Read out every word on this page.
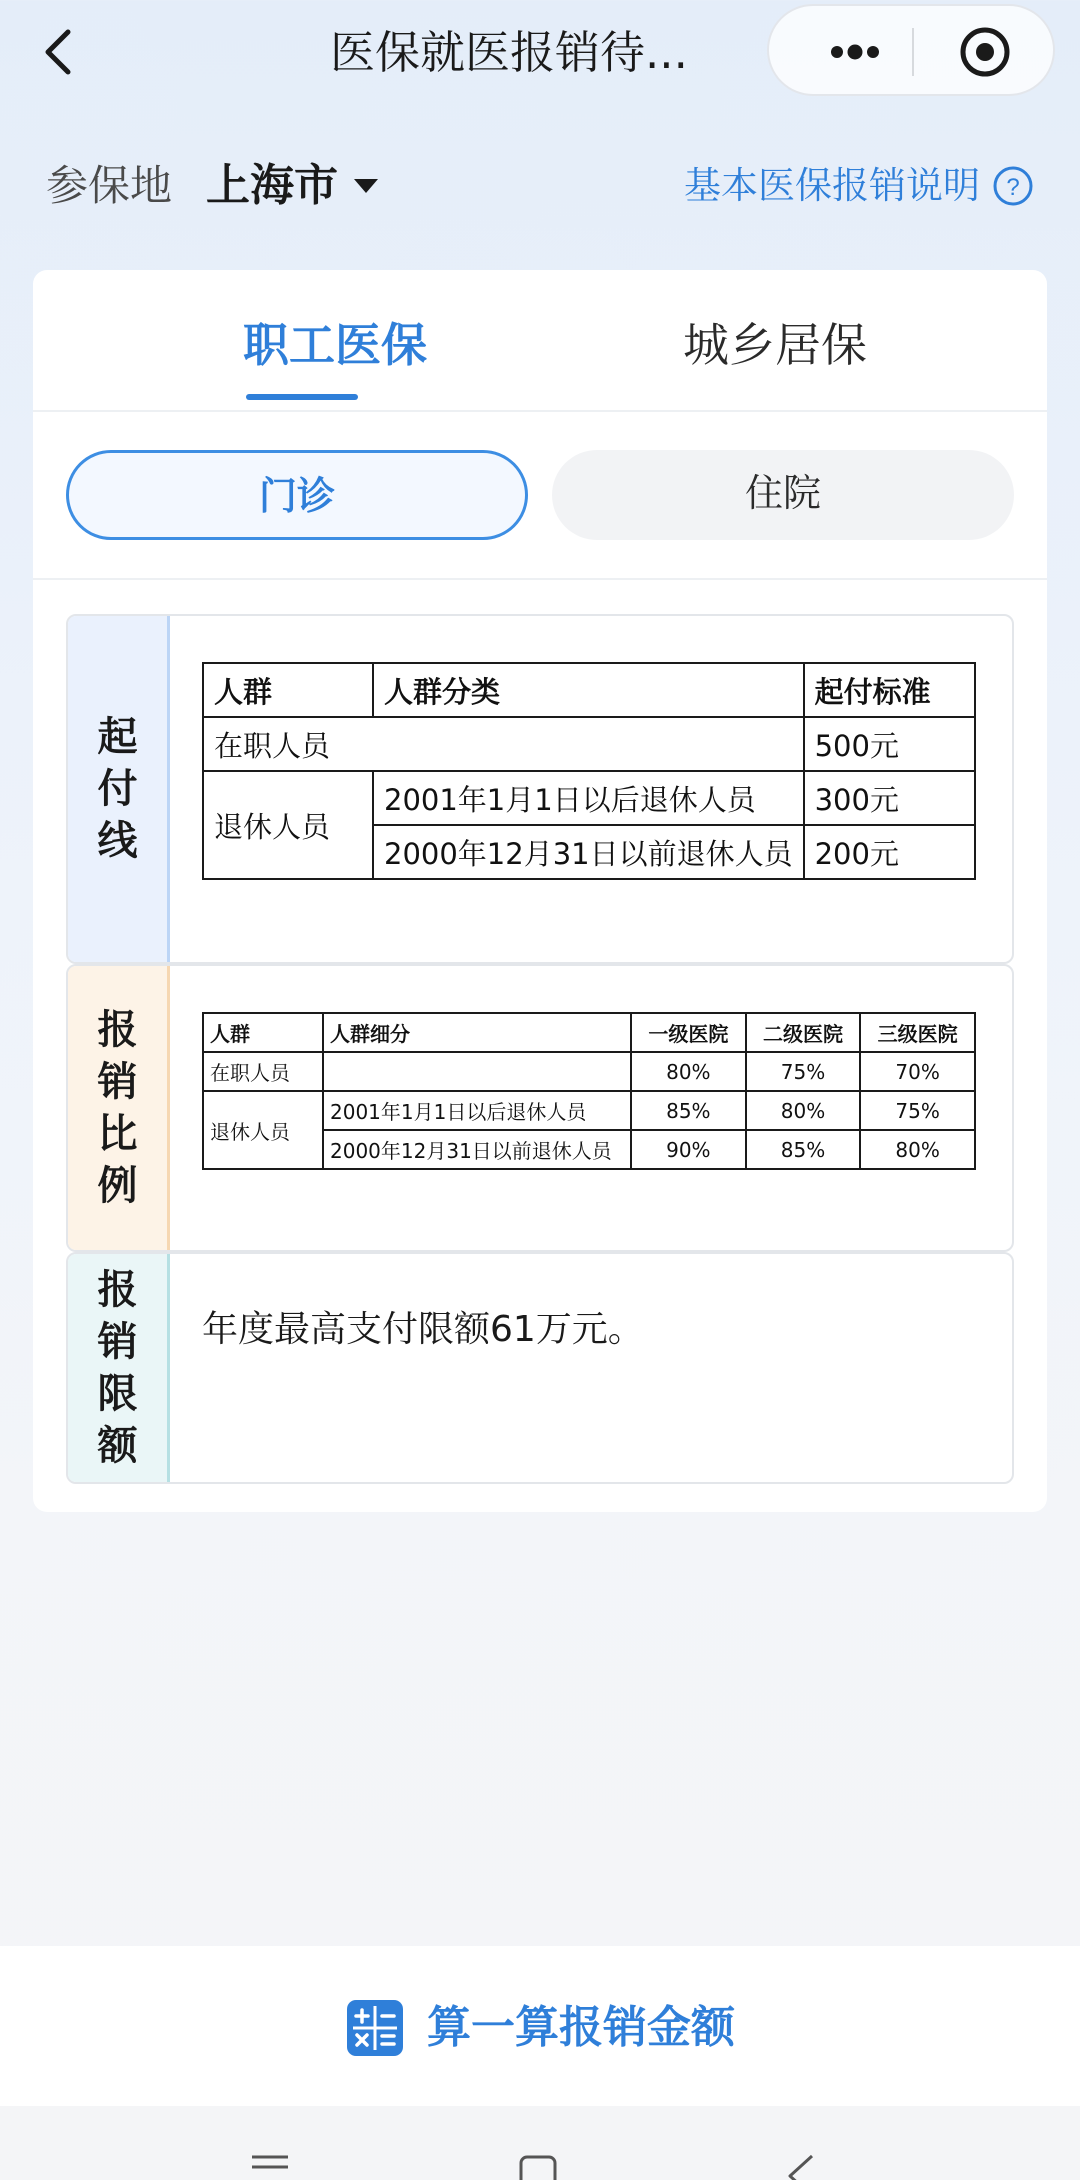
医保就医报销待...
参保地 上海市	基本医保报销说明 ?
职工医保	城乡居保
门诊	住院
起付线
人群	人群分类	起付标准
在职人员		500元
退休人员	2001年1月1日以后退休人员	300元
	2000年12月31日以前退休人员	200元
报销比例
人群	人群细分	一级医院	二级医院	三级医院
在职人员		80%	75%	70%
退休人员	2001年1月1日以后退休人员	85%	80%	75%
	2000年12月31日以前退休人员	90%	85%	80%
报销限额
年度最高支付限额61万元。
算一算报销金额
